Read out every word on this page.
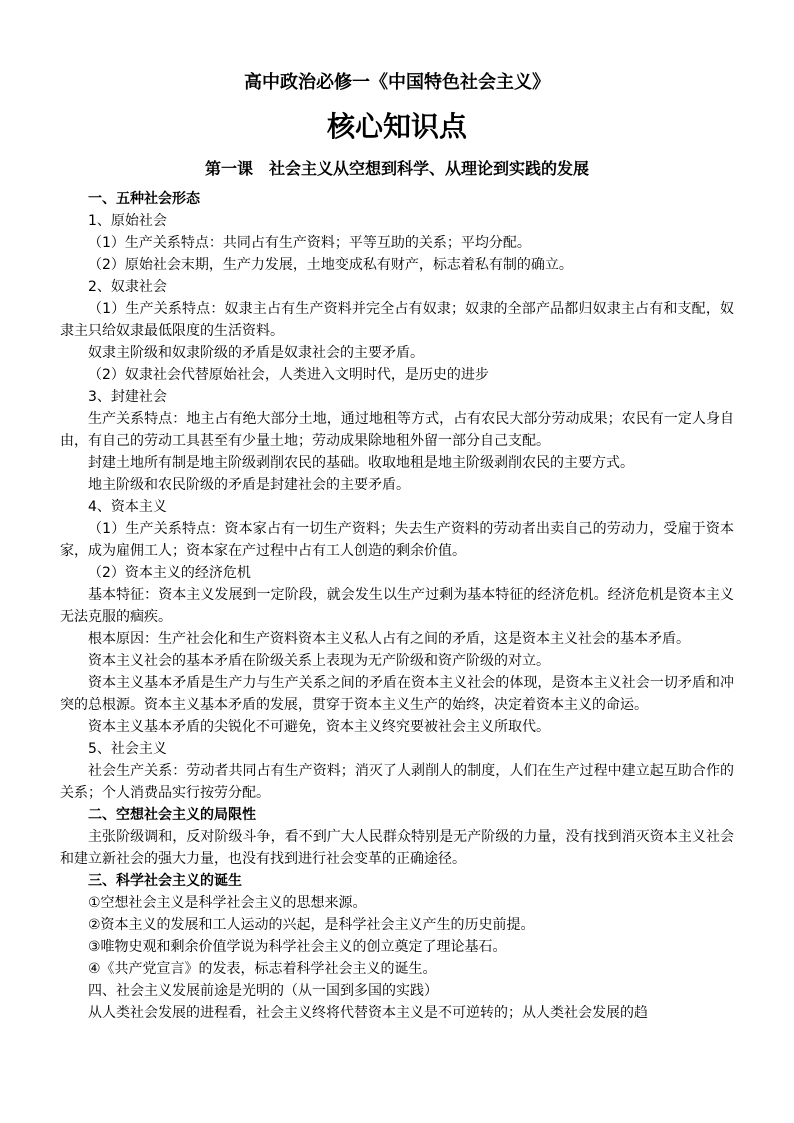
高中政治必修一《中国特色社会主义》
核心知识点
第一课　社会主义从空想到科学、从理论到实践的发展

一、五种社会形态

1、原始社会

（1）生产关系特点：共同占有生产资料；平等互助的关系；平均分配。

（2）原始社会末期，生产力发展，土地变成私有财产，标志着私有制的确立。

2、奴隶社会

（1）生产关系特点：奴隶主占有生产资料并完全占有奴隶；奴隶的全部产品都归奴隶主占有和支配，奴隶主只给奴隶最低限度的生活资料。

奴隶主阶级和奴隶阶级的矛盾是奴隶社会的主要矛盾。

（2）奴隶社会代替原始社会，人类进入文明时代，是历史的进步

3、封建社会

生产关系特点：地主占有绝大部分土地，通过地租等方式，占有农民大部分劳动成果；农民有一定人身自由，有自己的劳动工具甚至有少量土地；劳动成果除地租外留一部分自己支配。

封建土地所有制是地主阶级剥削农民的基础。收取地租是地主阶级剥削农民的主要方式。

地主阶级和农民阶级的矛盾是封建社会的主要矛盾。

4、资本主义

（1）生产关系特点：资本家占有一切生产资料；失去生产资料的劳动者出卖自己的劳动力，受雇于资本家，成为雇佣工人；资本家在产过程中占有工人创造的剩余价值。

（2）资本主义的经济危机

基本特征：资本主义发展到一定阶段，就会发生以生产过剩为基本特征的经济危机。经济危机是资本主义无法克服的痼疾。

根本原因：生产社会化和生产资料资本主义私人占有之间的矛盾，这是资本主义社会的基本矛盾。

资本主义社会的基本矛盾在阶级关系上表现为无产阶级和资产阶级的对立。

资本主义基本矛盾是生产力与生产关系之间的矛盾在资本主义社会的体现，是资本主义社会一切矛盾和冲突的总根源。资本主义基本矛盾的发展，贯穿于资本主义生产的始终，决定着资本主义的命运。

资本主义基本矛盾的尖锐化不可避免，资本主义终究要被社会主义所取代。

5、社会主义

社会生产关系：劳动者共同占有生产资料；消灭了人剥削人的制度，人们在生产过程中建立起互助合作的关系；个人消费品实行按劳分配。

二、空想社会主义的局限性

主张阶级调和，反对阶级斗争，看不到广大人民群众特别是无产阶级的力量，没有找到消灭资本主义社会和建立新社会的强大力量，也没有找到进行社会变革的正确途径。

三、科学社会主义的诞生

①空想社会主义是科学社会主义的思想来源。

②资本主义的发展和工人运动的兴起，是科学社会主义产生的历史前提。

③唯物史观和剩余价值学说为科学社会主义的创立奠定了理论基石。

④《共产党宣言》的发表，标志着科学社会主义的诞生。

四、社会主义发展前途是光明的（从一国到多国的实践）

从人类社会发展的进程看，社会主义终将代替资本主义是不可逆转的；从人类社会发展的趋
